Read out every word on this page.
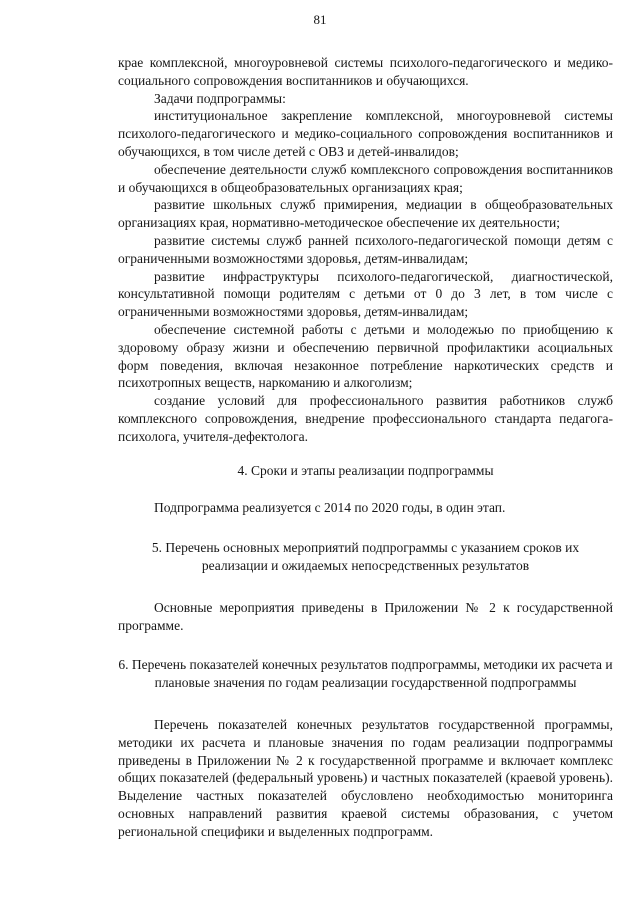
81

крае комплексной, многоуровневой системы психолого-педагогического и медико-социального сопровождения воспитанников и обучающихся.

Задачи подпрограммы:

институциональное закрепление комплексной, многоуровневой системы психолого-педагогического и медико-социального сопровождения воспитанников и обучающихся, в том числе детей с ОВЗ и детей-инвалидов;

обеспечение деятельности служб комплексного сопровождения воспитанников и обучающихся в общеобразовательных организациях края;

развитие школьных служб примирения, медиации в общеобразовательных организациях края, нормативно-методическое обеспечение их деятельности;

развитие системы служб ранней психолого-педагогической помощи детям с ограниченными возможностями здоровья, детям-инвалидам;

развитие инфраструктуры психолого-педагогической, диагностической, консультативной помощи родителям с детьми от 0 до 3 лет, в том числе с ограниченными возможностями здоровья, детям-инвалидам;

обеспечение системной работы с детьми и молодежью по приобщению к здоровому образу жизни и обеспечению первичной профилактики асоциальных форм поведения, включая незаконное потребление наркотических средств и психотропных веществ, наркоманию и алкоголизм;

создание условий для профессионального развития работников служб комплексного сопровождения, внедрение профессионального стандарта педагога-психолога, учителя-дефектолога.

4. Сроки и этапы реализации подпрограммы

Подпрограмма реализуется с 2014 по 2020 годы, в один этап.

5. Перечень основных мероприятий подпрограммы с указанием сроков их реализации и ожидаемых непосредственных результатов

Основные мероприятия приведены в Приложении № 2 к государственной программе.

6. Перечень показателей конечных результатов подпрограммы, методики их расчета и плановые значения по годам реализации государственной подпрограммы

Перечень показателей конечных результатов государственной программы, методики их расчета и плановые значения по годам реализации подпрограммы приведены в Приложении № 2 к государственной программе и включает комплекс общих показателей (федеральный уровень) и частных показателей (краевой уровень). Выделение частных показателей обусловлено необходимостью мониторинга основных направлений развития краевой системы образования, с учетом региональной специфики и выделенных подпрограмм.
